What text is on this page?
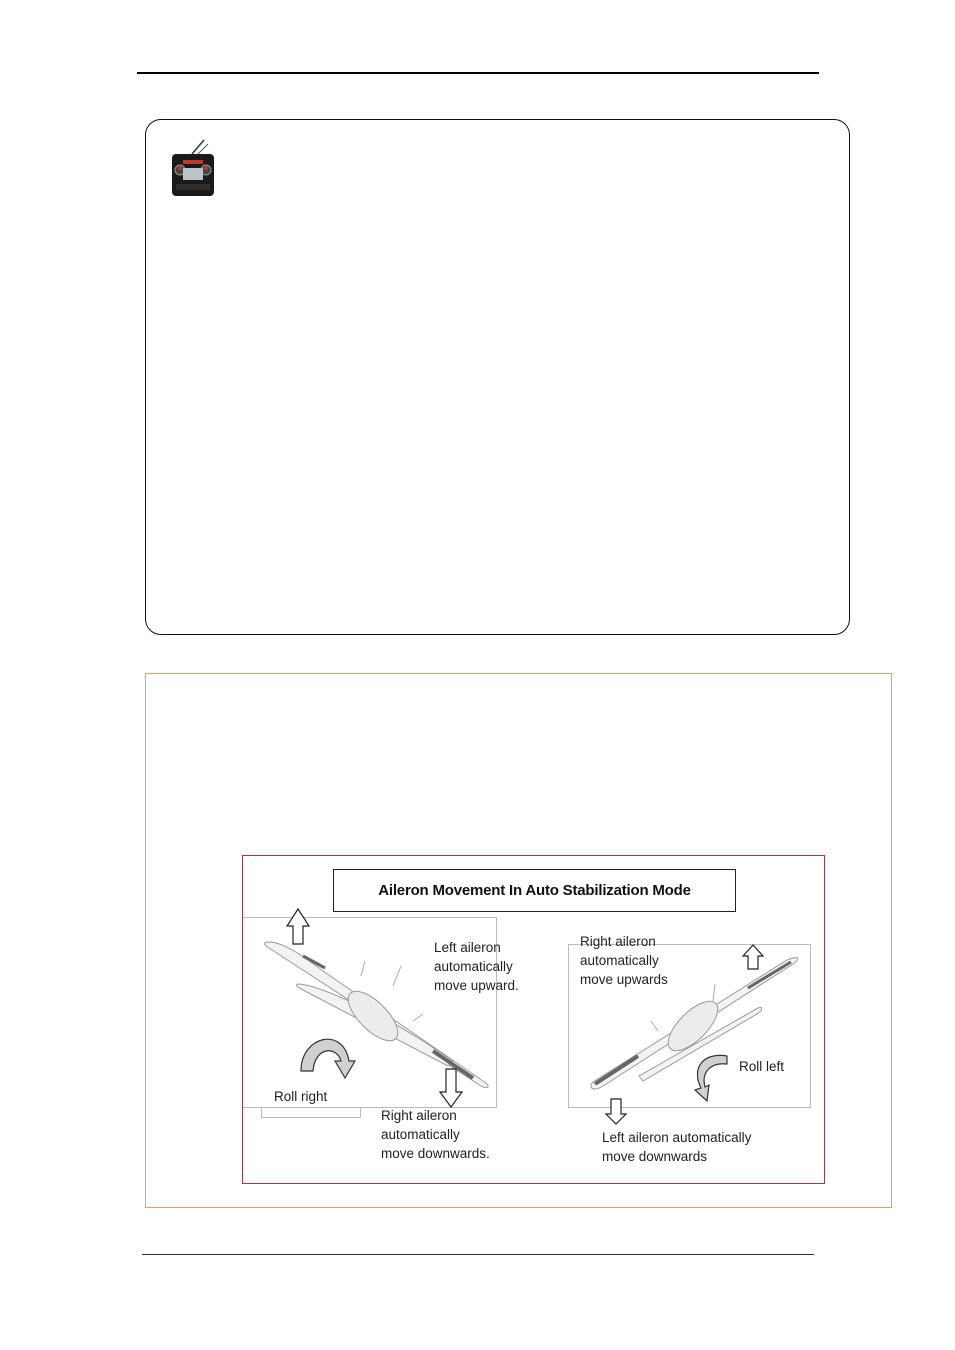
Aileron Movement In Auto Stabilization Mode
Left aileron
automatically
move upward.
Roll right
Right aileron
automatically
move downwards.
Right aileron
automatically
move upwards
Roll left
Left aileron automatically
move downwards
